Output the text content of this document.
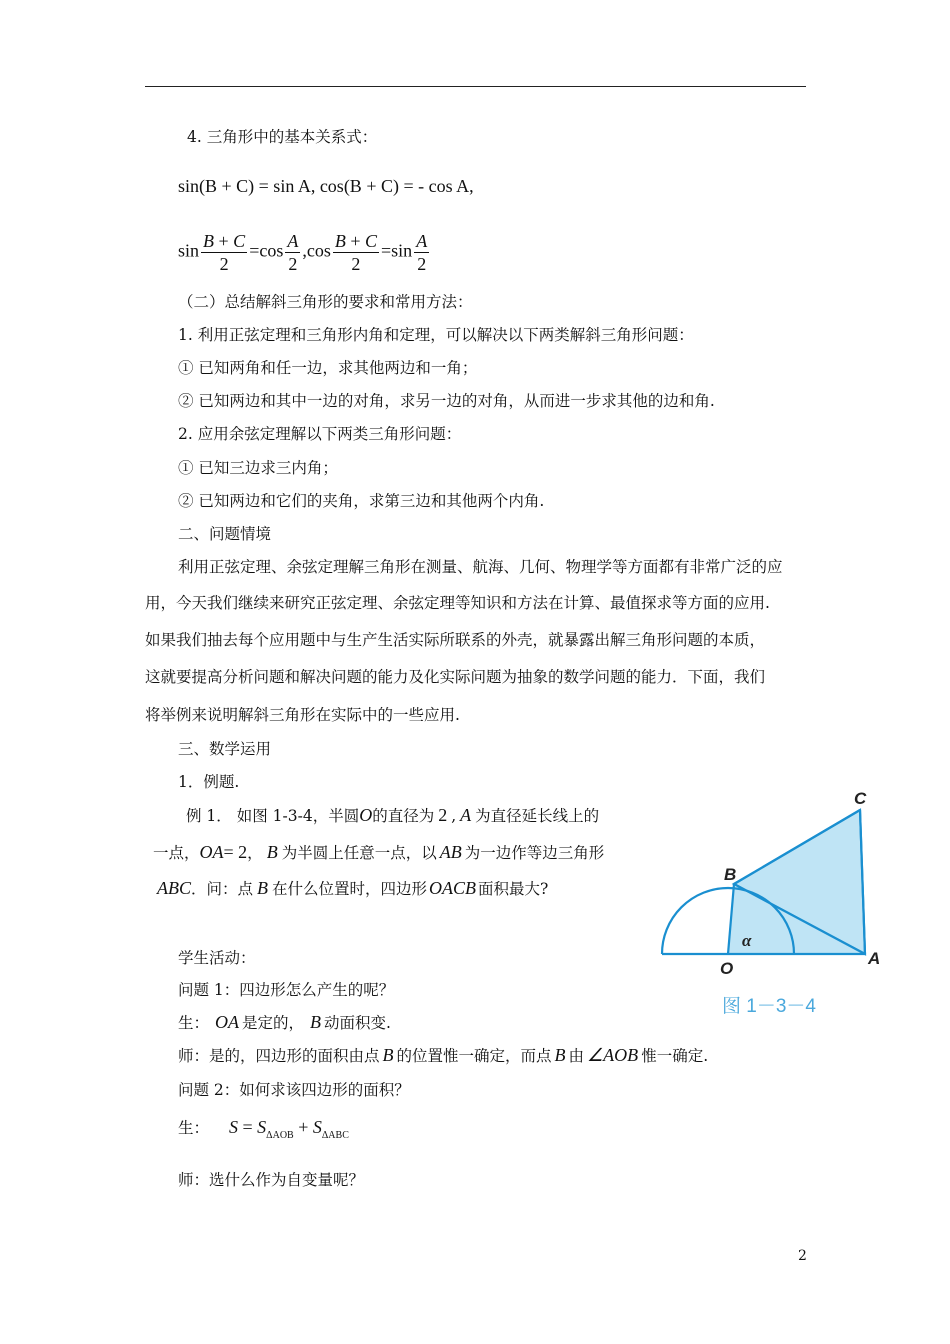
4. 三角形中的基本关系式：
sin(B + C) = sin A, cos(B + C) = - cos A,
$\sin \frac{B + C}{2} =\cos \frac{A}{2} ,\cos \frac{B + C}{2} =\sin \frac{A}{2}$
（二）总结解斜三角形的要求和常用方法：
1. 利用正弦定理和三角形内角和定理，可以解决以下两类解斜三角形问题：
① 已知两角和任一边，求其他两边和一角；
② 已知两边和其中一边的对角，求另一边的对角，从而进一步求其他的边和角.
2. 应用余弦定理解以下两类三角形问题：
① 已知三边求三内角；
② 已知两边和它们的夹角，求第三边和其他两个内角.
二、问题情境
利用正弦定理、余弦定理解三角形在测量、航海、几何、物理学等方面都有非常广泛的应
用，今天我们继续来研究正弦定理、余弦定理等知识和方法在计算、最值探求等方面的应用.
如果我们抽去每个应用题中与生产生活实际所联系的外壳，就暴露出解三角形问题的本质，
这就要提高分析问题和解决问题的能力及化实际问题为抽象的数学问题的能力．下面，我们
将举例来说明解斜三角形在实际中的一些应用.
三、数学运用
1．例题.
例 1． 如图 1-3-4，半圆O的直径为 2 , A 为直径延长线上的
一点，OA= 2， B 为半圆上任意一点，以 AB 为一边作等边三角形
ABC．问：点 B 在什么位置时，四边形 OACB 面积最大?
C
B
O
A
α
图 1－3－4
学生活动：
问题 1：四边形怎么产生的呢？
生： OA 是定的， B 动面积变.
师：是的，四边形的面积由点 B 的位置惟一确定，而点 B 由 ∠AOB 惟一确定.
问题 2：如何求该四边形的面积？
生： $S = S_{\Delta AOB} + S_{\Delta ABC}$
师：选什么作为自变量呢？
2
